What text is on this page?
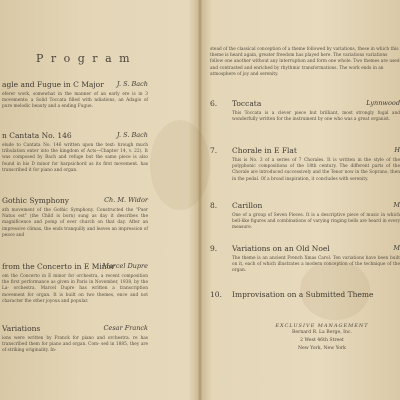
P r o g r a m
agle and Fugue in C Major J. S. Bach
eferer work, somewhat in the manner of an early ere is in 3 movements: a Solid Toccata filled with ndiations, an Adagio of pure melodic beauty and a ending Fugue.
n Cantata No. 146	J. S. Bach
elude to Cantata No. 146 written upon the text: hrough much tribulation enter into the kingdom of Acts—Chapter 14, v. 22). It was composed by Bach and refuge but the same piece is also found in his D minor for harpsichord as its first movement. has transcribed it for piano and organ.
Gothic Symphony	Ch. M. Widor
ath movement of the Gothic Symphony. Constructed the "Puer Natus est" (the Child is born) sung as day it describes the magnificence and pomp of ever church on that day. After an impressive climax, the ends tranquilly and leaves an impression of peace and
from the Concerto in E Minor
Marcel Dupre
om the Concerto in E minor for orchestra, a recent composition the first performance as given in Paris in November, 1938, by the La- orchestra. Marcel Dupre has written a transcription movement for organ. It is built on two themes, ence and not character the other joyous and popular.
Variations	Cesar Franck
ions were written by Franck for piano and orchestra. re has transcribed them for piano and organ. Com- sed in 1885, they are of striking originality. In-
stead of the classical conception of a theme followed by variations, these in which this theme is heard again, greater freedom has played here. The variations variations follow one another without any interruption and form one whole. Two themes are used and contrasted and enriched by rhythmic transformations. The work ends in an atmosphere of joy and serenity.
6. Toccata	Lynnwood
This Toccata is a clever piece but brilliant, most strongly fugal and wonderfully written for the instrument by one who was a great organist.
7. Chorale in E Flat	H
This is No. 3 of a series of 7 Chorales. It is written in the style of the polyphonic compositions of the 18th century. The different parts of the Chorale are introduced successively and the Tenor now in the Soprano, then in the pedal. Of a broad inspiration, it concludes with serenity.
8. Carillon	M
One of a group of Seven Pieces. It is a descriptive piece of music in which bell-like figures and combinations of varying ringing bells are heard in every measure.
9. Variations on an Old Noel	M
The theme is an ancient French Xmas Carol. Ten variations have been built on it, each of which illustrates a modern conception of the technique of the organ.
10. Improvisation on a Submitted Theme
EXCLUSIVE MANAGEMENT
Bernard R. La Berge, Inc.
2 West 46th Street
New York, New York
